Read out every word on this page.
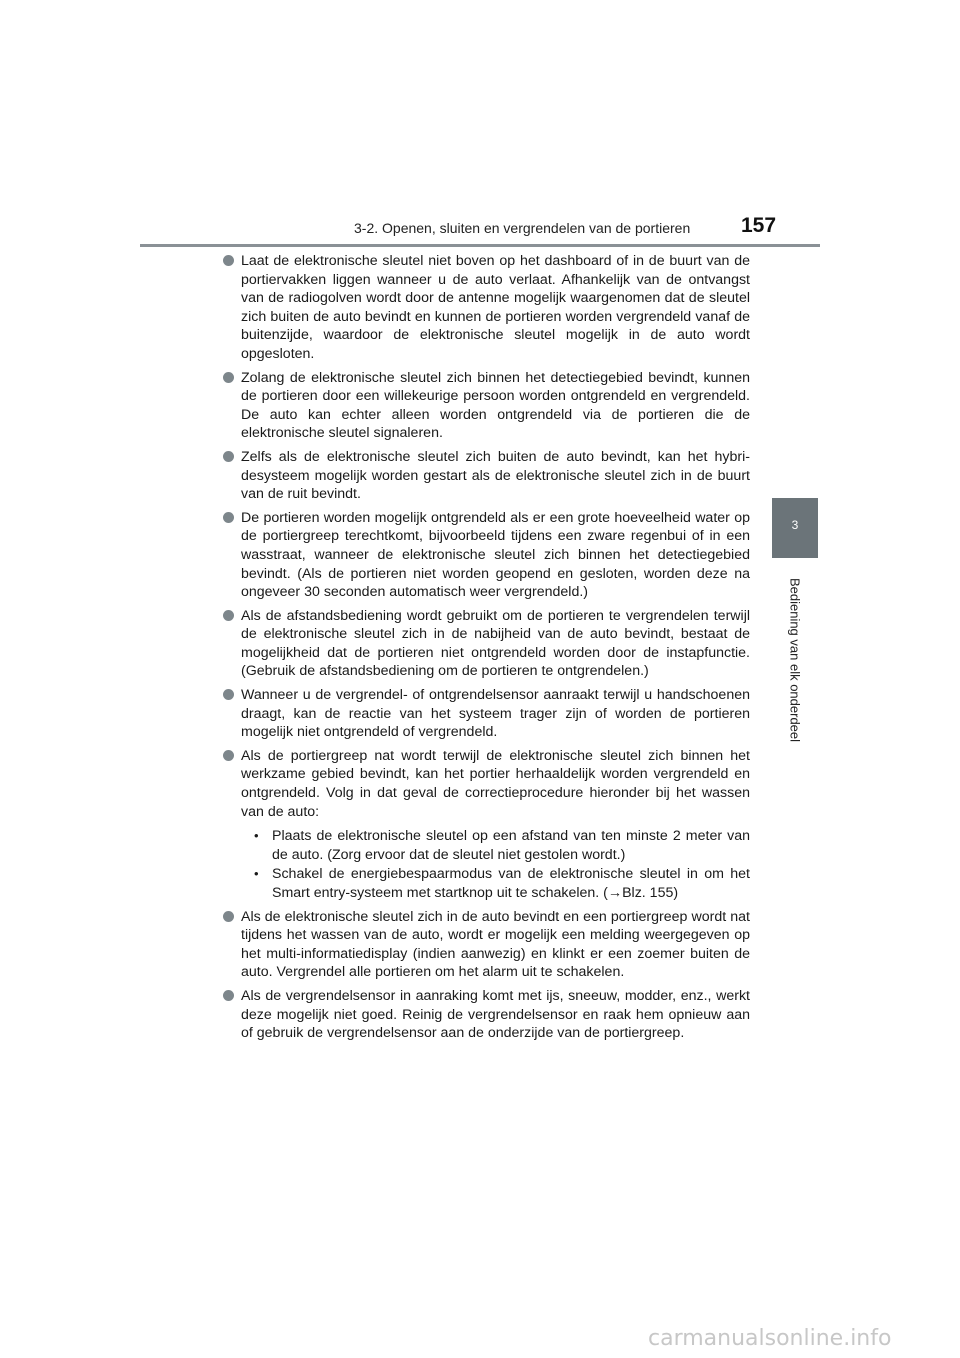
3-2. Openen, sluiten en vergrendelen van de portieren 157
3
Bediening van elk onderdeel
Laat de elektronische sleutel niet boven op het dashboard of in de buurt van de portiervakken liggen wanneer u de auto verlaat. Afhankelijk van de ontvangst van de radiogolven wordt door de antenne mogelijk waargenomen dat de sleutel zich buiten de auto bevindt en kunnen de portieren worden vergrendeld vanaf de buitenzijde, waardoor de elektronische sleutel mogelijk in de auto wordt opgesloten.
Zolang de elektronische sleutel zich binnen het detectiegebied bevindt, kunnen de portieren door een willekeurige persoon worden ontgrendeld en vergrendeld. De auto kan echter alleen worden ontgrendeld via de portieren die de elektronische sleutel signaleren.
Zelfs als de elektronische sleutel zich buiten de auto bevindt, kan het hybridesysteem mogelijk worden gestart als de elektronische sleutel zich in de buurt van de ruit bevindt.
De portieren worden mogelijk ontgrendeld als er een grote hoeveelheid water op de portiergreep terechtkomt, bijvoorbeeld tijdens een zware regenbui of in een wasstraat, wanneer de elektronische sleutel zich binnen het detectiegebied bevindt. (Als de portieren niet worden geopend en gesloten, worden deze na ongeveer 30 seconden automatisch weer vergrendeld.)
Als de afstandsbediening wordt gebruikt om de portieren te vergrendelen terwijl de elektronische sleutel zich in de nabijheid van de auto bevindt, bestaat de mogelijkheid dat de portieren niet ontgrendeld worden door de instapfunctie. (Gebruik de afstandsbediening om de portieren te ontgrendelen.)
Wanneer u de vergrendel- of ontgrendelsensor aanraakt terwijl u handschoenen draagt, kan de reactie van het systeem trager zijn of worden de portieren mogelijk niet ontgrendeld of vergrendeld.
Als de portiergreep nat wordt terwijl de elektronische sleutel zich binnen het werkzame gebied bevindt, kan het portier herhaaldelijk worden vergrendeld en ontgrendeld. Volg in dat geval de correctieprocedure hieronder bij het wassen van de auto:
• Plaats de elektronische sleutel op een afstand van ten minste 2 meter van de auto. (Zorg ervoor dat de sleutel niet gestolen wordt.)
• Schakel de energiebespaarmodus van de elektronische sleutel in om het Smart entry-systeem met startknop uit te schakelen. (→Blz. 155)
Als de elektronische sleutel zich in de auto bevindt en een portiergreep wordt nat tijdens het wassen van de auto, wordt er mogelijk een melding weergegeven op het multi-informatiedisplay (indien aanwezig) en klinkt er een zoemer buiten de auto. Vergrendel alle portieren om het alarm uit te schakelen.
Als de vergrendelsensor in aanraking komt met ijs, sneeuw, modder, enz., werkt deze mogelijk niet goed. Reinig de vergrendelsensor en raak hem opnieuw aan of gebruik de vergrendelsensor aan de onderzijde van de portiergreep.
carmanualsonline.info
